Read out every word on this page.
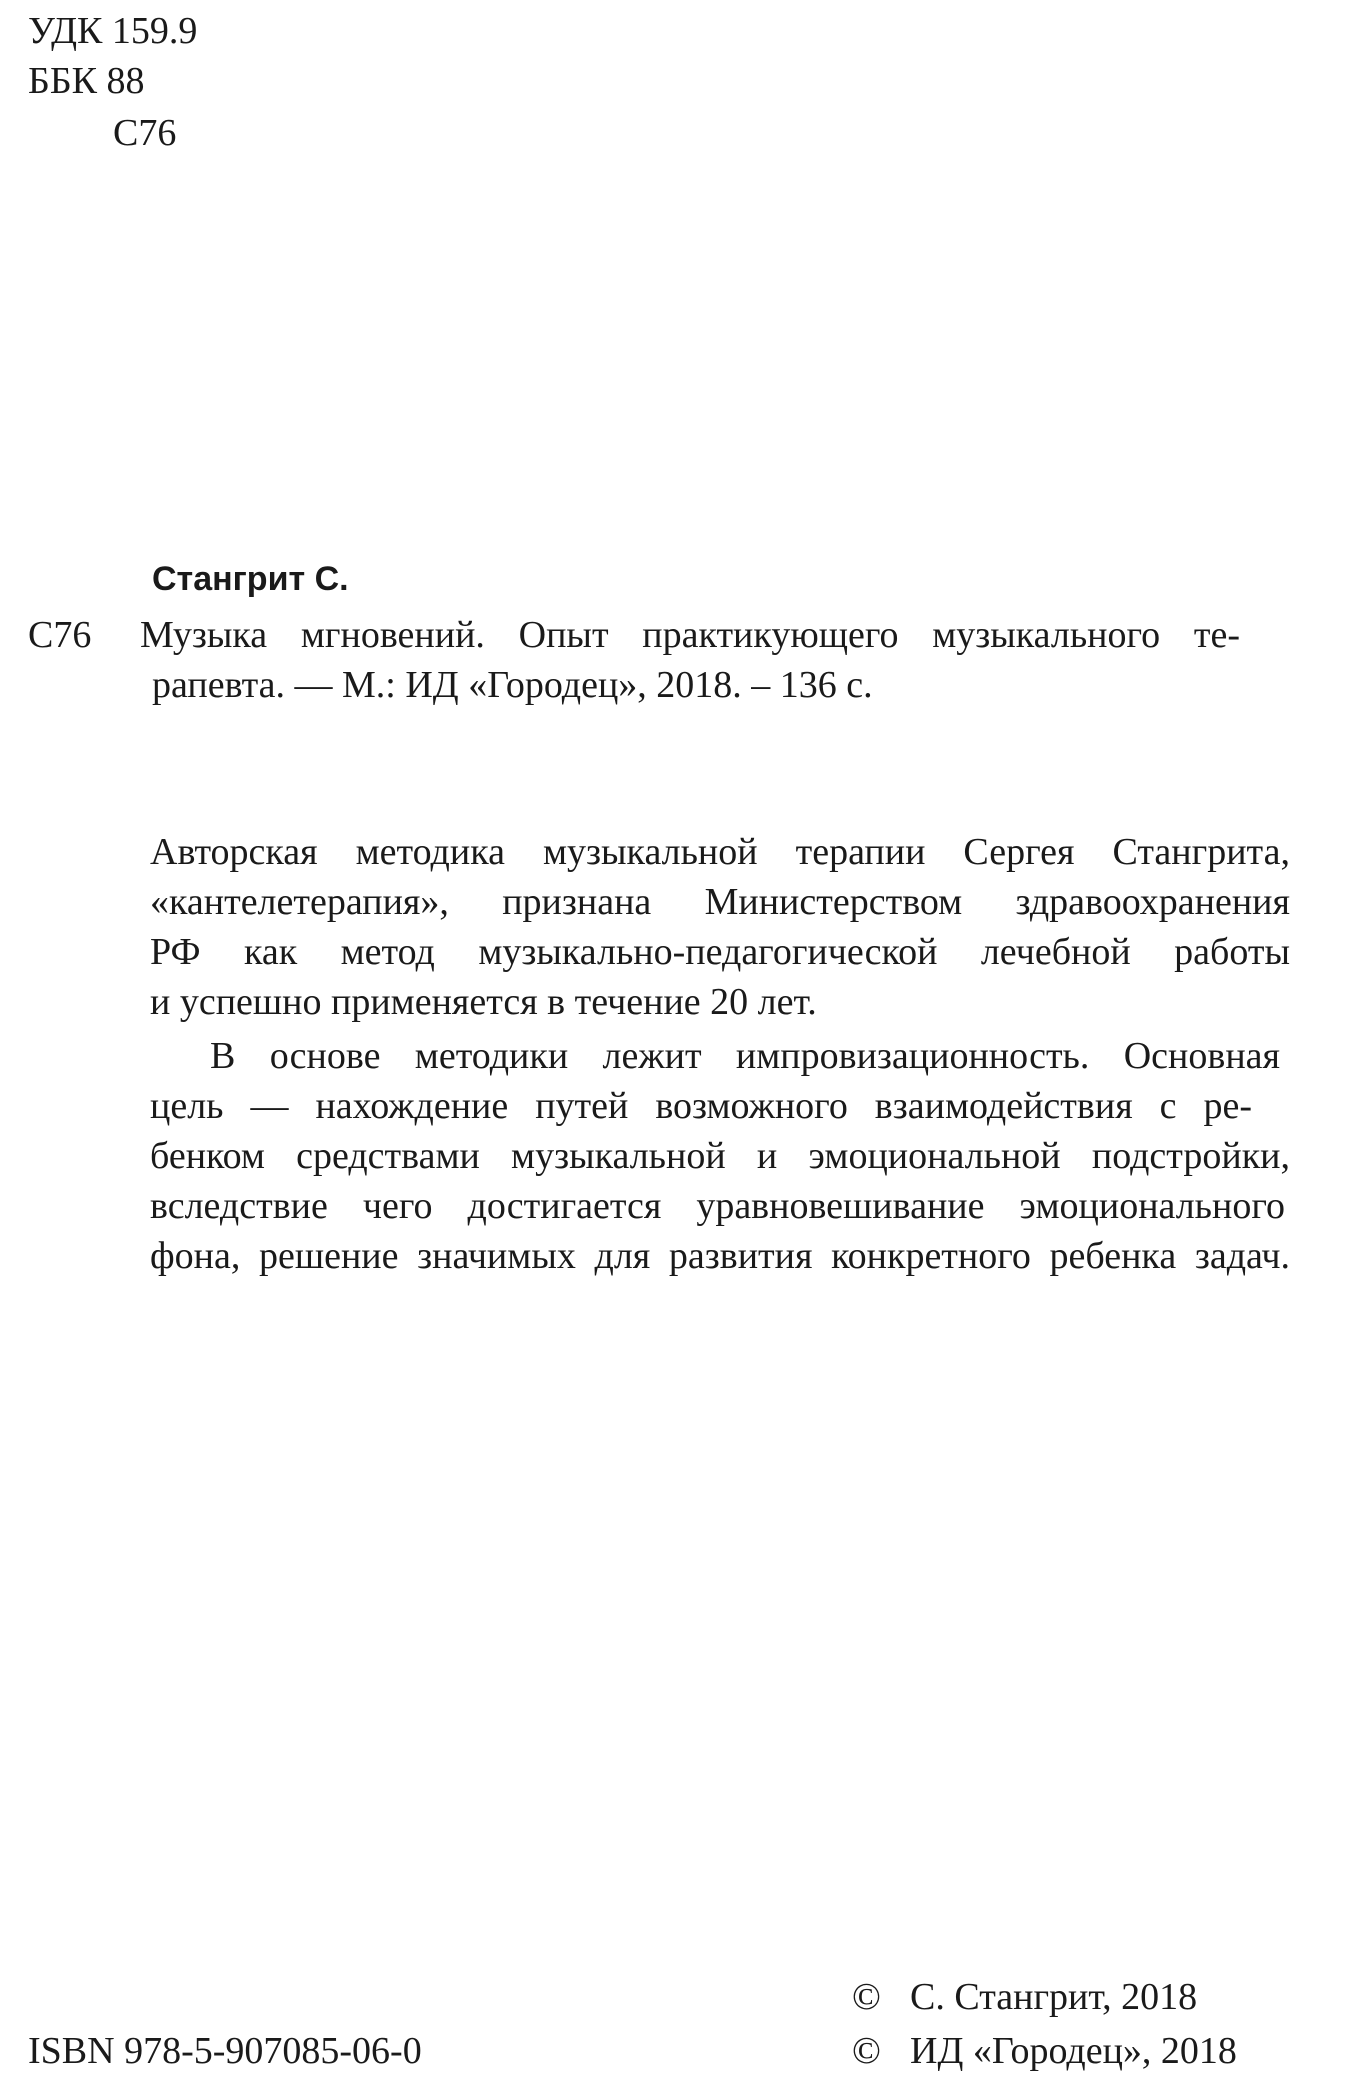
УДК 159.9
ББК 88
С76
Стангрит С.
С76 Музыка мгновений. Опыт практикующего музыкального те-
рапевта. — М.: ИД «Городец», 2018. – 136 с.
Авторская методика музыкальной терапии Сергея Стангрита,
«кантелетерапия», признана Министерством здравоохранения
РФ как метод музыкально-педагогической лечебной работы
и успешно применяется в течение 20 лет.
В основе методики лежит импровизационность. Основная
цель — нахождение путей возможного взаимодействия с ре-
бенком средствами музыкальной и эмоциональной подстройки,
вследствие чего достигается уравновешивание эмоционального
фона, решение значимых для развития конкретного ребенка задач.
ISBN 978-5-907085-06-0
© С. Стангрит, 2018
© ИД «Городец», 2018
